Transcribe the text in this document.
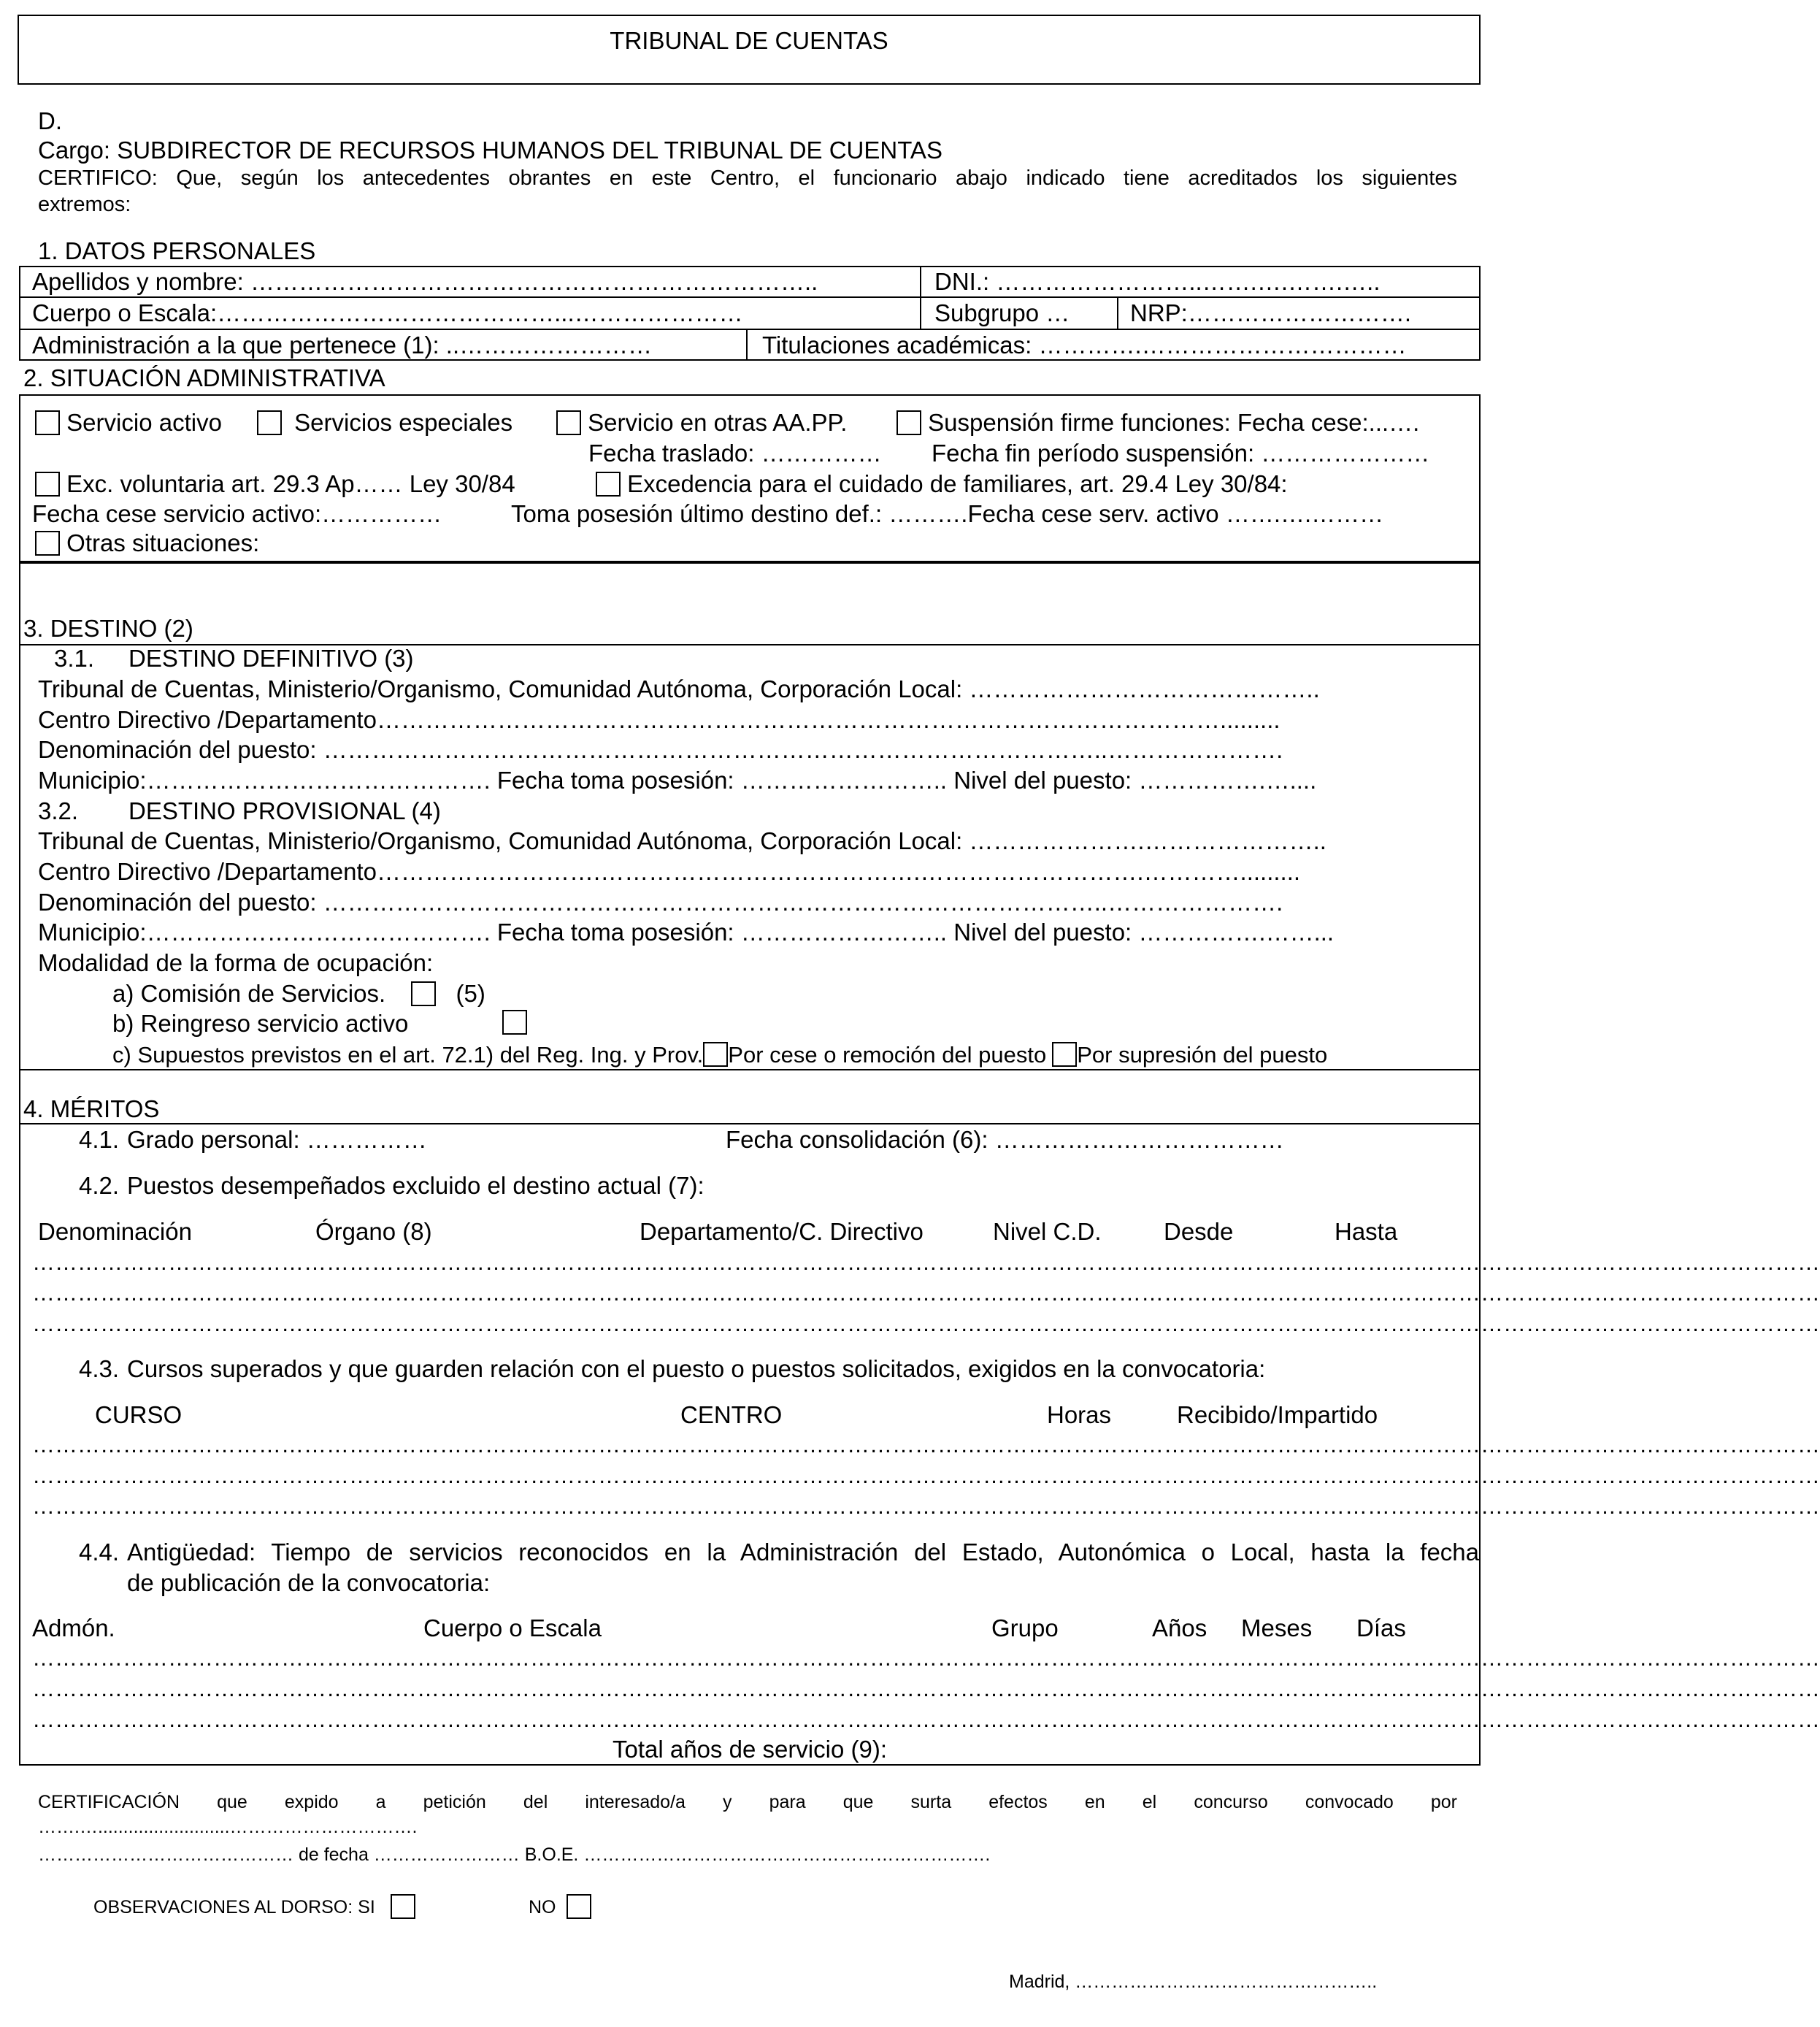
TRIBUNAL DE CUENTAS
D.
Cargo: SUBDIRECTOR DE RECURSOS HUMANOS DEL TRIBUNAL DE CUENTAS
CERTIFICO: Que, según los antecedentes obrantes en este Centro, el funcionario abajo indicado tiene acreditados los siguientes
extremos:
1. DATOS PERSONALES
Apellidos y nombre: ……………………………………………………………..	DNI.: ……………………..…….….…….…..
Cuerpo o Escala:……………………………………...…………………	Subgrupo …	NRP:……………………….
Administración a la que pertenece (1): ..……………………	Titulaciones académicas: ………….……………………………
2. SITUACIÓN ADMINISTRATIVA
Servicio activo	Servicios especiales	Servicio en otras AA.PP.	Suspensión firme funciones: Fecha cese:...….
Fecha traslado: …………… Fecha fin período suspensión: …………………
Exc. voluntaria art. 29.3 Ap…… Ley 30/84	Excedencia para el cuidado de familiares, art. 29.4 Ley 30/84:
Fecha cese servicio activo:……………	Toma posesión último destino def.: ……….Fecha cese serv. activo …….….………
Otras situaciones:
3. DESTINO (2)
3.1. DESTINO DEFINITIVO (3)
Tribunal de Cuentas, Ministerio/Organismo, Comunidad Autónoma, Corporación Local: ……………………………………..
Centro Directivo /Departamento…………………………………………………………………………………………….........
Denominación del puesto: ……………………………………………………………………………………..………………….
Municipio:……………………………………. Fecha toma posesión: …………………….. Nivel del puesto: …………….…....
3.2. DESTINO PROVISIONAL (4)
Tribunal de Cuentas, Ministerio/Organismo, Comunidad Autónoma, Corporación Local: ………………….…………………..
Centro Directivo /Departamento……………………….………………………………….……………………….………….........
Denominación del puesto: ……………………………………………………………………………………..………………….
Municipio:……………………………………. Fecha toma posesión: …………………….. Nivel del puesto: …………….……...
Modalidad de la forma de ocupación:
a) Comisión de Servicios.	(5)
b) Reingreso servicio activo
c) Supuestos previstos en el art. 72.1) del Reg. Ing. y Prov. Por cese o remoción del puesto Por supresión del puesto
4. MÉRITOS
4.1. Grado personal: ……………	Fecha consolidación (6): ………………………………
4.2. Puestos desempeñados excluido el destino actual (7):
Denominación	Órgano (8)	Departamento/C. Directivo	Nivel C.D.	Desde	Hasta
…………………………………………………………………………………………………………………………………………………………………………………………………………………
…………………………………………………………………………………………………………………………………………………………………………………………………………………
…………………………………………………………………………………………………………………………………………………………………………………………………………………
4.3. Cursos superados y que guarden relación con el puesto o puestos solicitados, exigidos en la convocatoria:
CURSO	CENTRO	Horas	Recibido/Impartido
…………………………………………………………………………………………………………………………………………………………………………………………………………………
…………………………………………………………………………………………………………………………………………………………………………………………………………………
…………………………………………………………………………………………………………………………………………………………………………………………………………………
4.4. Antigüedad: Tiempo de servicios reconocidos en la Administración del Estado, Autonómica o Local, hasta la fecha
de publicación de la convocatoria:
Admón.	Cuerpo o Escala	Grupo	Años Meses Días
…………………………………………………………………………………………………………………………………………………………………………………………………………………
…………………………………………………………………………………………………………………………………………………………………………………………………………………
…………………………………………………………………………………………………………………………………………………………………………………………………………………
Total años de servicio (9):
CERTIFICACIÓN que expido a petición del interesado/a y para que surta efectos en el concurso convocado por
…….…..........................………………………….
…………………………………… de fecha …………………… B.O.E. ………………………………………………………….
OBSERVACIONES AL DORSO: SI	NO
Madrid, …………………………………………..
